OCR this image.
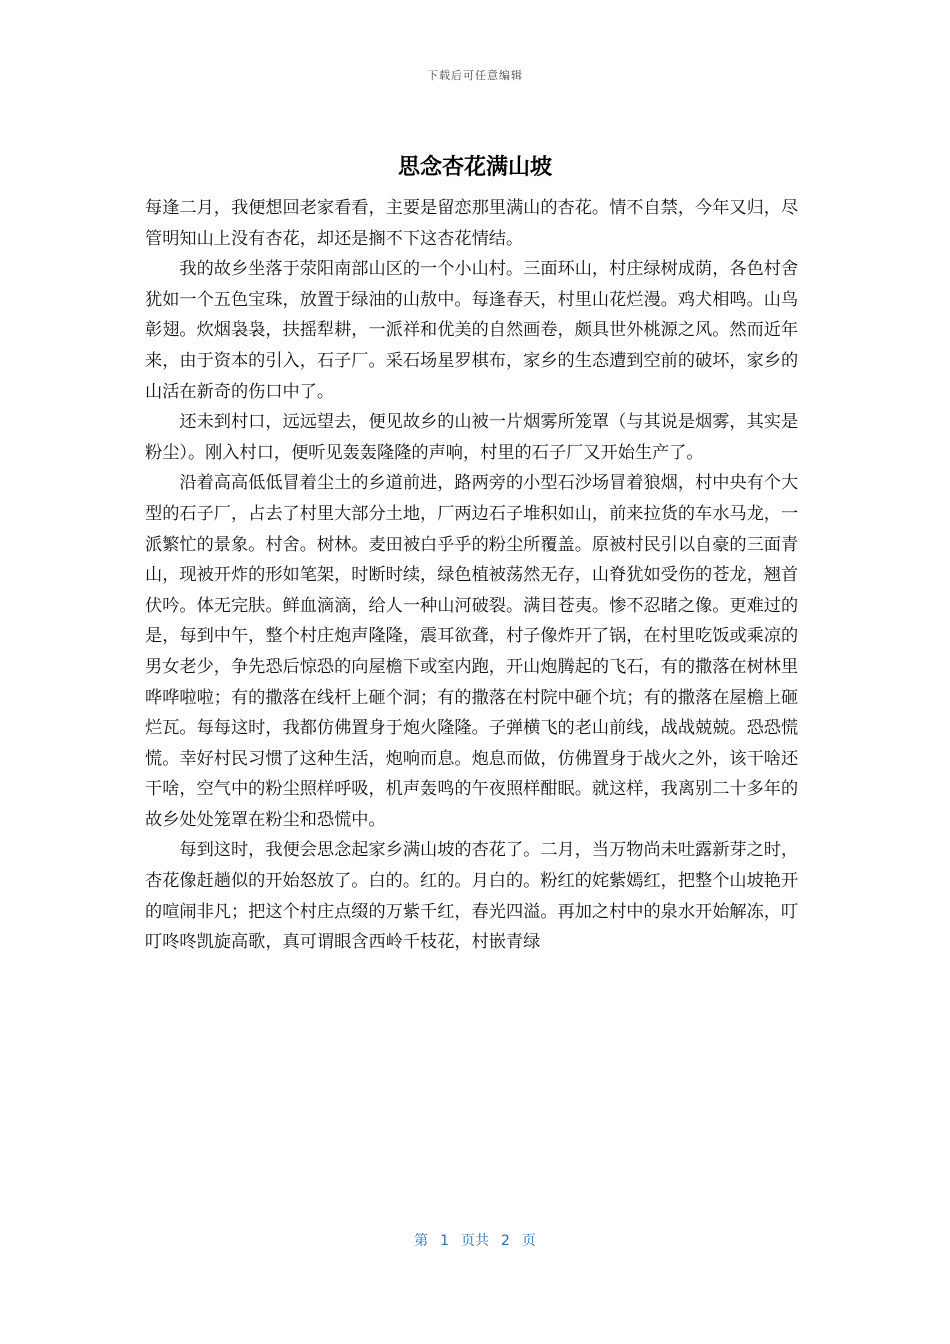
下载后可任意编辑
思念杏花满山坡

每逢二月，我便想回老家看看，主要是留恋那里满山的杏花。情不自禁，今年又归，尽管明知山上没有杏花，却还是搁不下这杏花情结。

我的故乡坐落于荥阳南部山区的一个小山村。三面环山，村庄绿树成荫，各色村舍犹如一个五色宝珠，放置于绿油的山敖中。每逢春天，村里山花烂漫。鸡犬相鸣。山鸟彰翅。炊烟袅袅，扶摇犁耕，一派祥和优美的自然画卷，颇具世外桃源之风。然而近年来，由于资本的引入，石子厂。采石场星罗棋布，家乡的生态遭到空前的破坏，家乡的山活在新奇的伤口中了。

还未到村口，远远望去，便见故乡的山被一片烟雾所笼罩（与其说是烟雾，其实是粉尘）。刚入村口，便听见轰轰隆隆的声响，村里的石子厂又开始生产了。

沿着高高低低冒着尘土的乡道前进，路两旁的小型石沙场冒着狼烟，村中央有个大型的石子厂，占去了村里大部分土地，厂两边石子堆积如山，前来拉货的车水马龙，一派繁忙的景象。村舍。树林。麦田被白乎乎的粉尘所覆盖。原被村民引以自豪的三面青山，现被开炸的形如笔架，时断时续，绿色植被荡然无存，山脊犹如受伤的苍龙，翘首伏吟。体无完肤。鲜血滴滴，给人一种山河破裂。满目苍夷。惨不忍睹之像。更难过的是，每到中午，整个村庄炮声隆隆，震耳欲聋，村子像炸开了锅，在村里吃饭或乘凉的男女老少，争先恐后惊恐的向屋檐下或室内跑，开山炮腾起的飞石，有的撒落在树林里哗哗啦啦；有的撒落在线杆上砸个洞；有的撒落在村院中砸个坑；有的撒落在屋檐上砸烂瓦。每每这时，我都仿佛置身于炮火隆隆。子弹横飞的老山前线，战战兢兢。恐恐慌慌。幸好村民习惯了这种生活，炮响而息。炮息而做，仿佛置身于战火之外，该干啥还干啥，空气中的粉尘照样呼吸，机声轰鸣的午夜照样酣眠。就这样，我离别二十多年的故乡处处笼罩在粉尘和恐慌中。

每到这时，我便会思念起家乡满山坡的杏花了。二月，当万物尚未吐露新芽之时，杏花像赶趟似的开始怒放了。白的。红的。月白的。粉红的姹紫嫣红，把整个山坡艳开的喧闹非凡；把这个村庄点缀的万紫千红，春光四溢。再加之村中的泉水开始解冻，叮叮咚咚凯旋高歌，真可谓眼含西岭千枝花，村嵌青绿

第 1 页共 2 页
